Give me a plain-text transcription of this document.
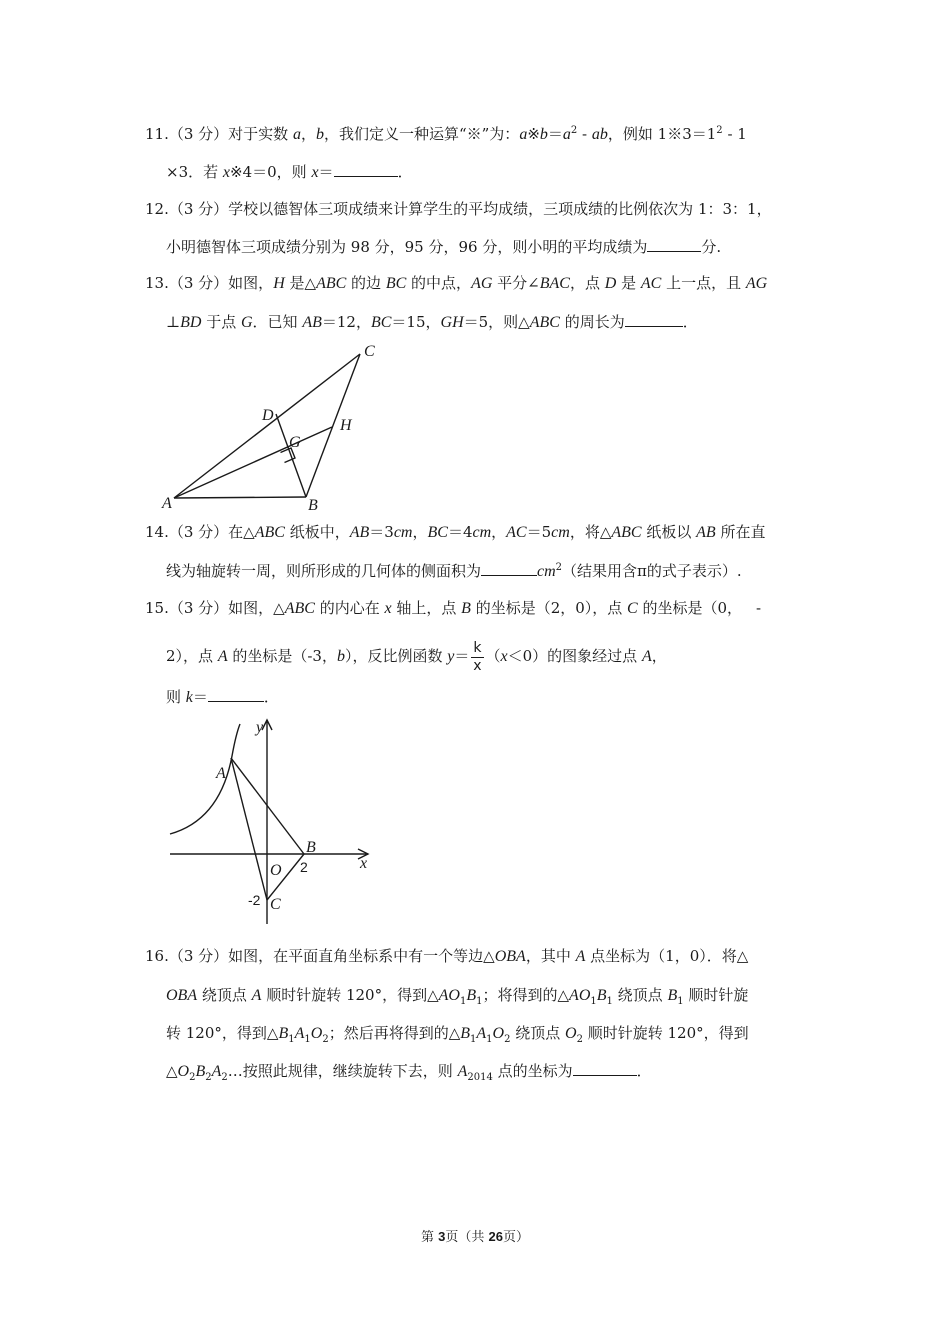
11.（3 分）对于实数 a，b，我们定义一种运算“※”为：$a※b=a^2$ ‐ ab，例如 $1※3=1^2$ ‐ 1
×3．若 x※4＝0，则 x＝	．
12.（3 分）学校以德智体三项成绩来计算学生的平均成绩，三项成绩的比例依次为 1：3：1，
小明德智体三项成绩分别为 98 分，95 分，96 分，则小明的平均成绩为	分.
13.（3 分）如图，H 是△ABC 的边 BC 的中点，AG 平分∠BAC，点 D 是 AC 上一点，且 AG
⊥BD 于点 G．已知 AB＝12，BC＝15，GH＝5，则△ABC 的周长为	．
A	B
C
D
G
H
14.（3 分）在△ABC 纸板中，AB＝3cm，BC＝4cm，AC＝5cm，将△ABC 纸板以 AB 所在直
线为轴旋转一周，则所形成的几何体的侧面积为	$cm^2$（结果用含π的式子表示）.
15.（3 分）如图，△ABC 的内心在 x 轴上，点 B 的坐标是（2，0），点 C 的坐标是（0， ‐
2），点 A 的坐标是（‐3，b），反比例函数 $y= \frac{k}{x} (x<0)$的图象经过点 A，
则 k＝	．
y
A
B
2
O	x
-2 C
16.（3 分）如图，在平面直角坐标系中有一个等边△OBA，其中 A 点坐标为（1，0）．将△
OBA 绕顶点 A 顺时针旋转 120°，得到$\triangle AO_1B_1$；将得到的$\triangle AO_1B_1$ 绕顶点 $B_1$ 顺时针旋
转 120°，得到$\triangle B_1A_1O_2$；然后再将得到的$\triangle B_1A_1O_2$ 绕顶点 $O_2$ 顺时针旋转 120°，得到
$\triangle O_2B_2A_2\dots$按照此规律，继续旋转下去，则 $A_{2014}$ 点的坐标为	．
第 3页（共 26页）
